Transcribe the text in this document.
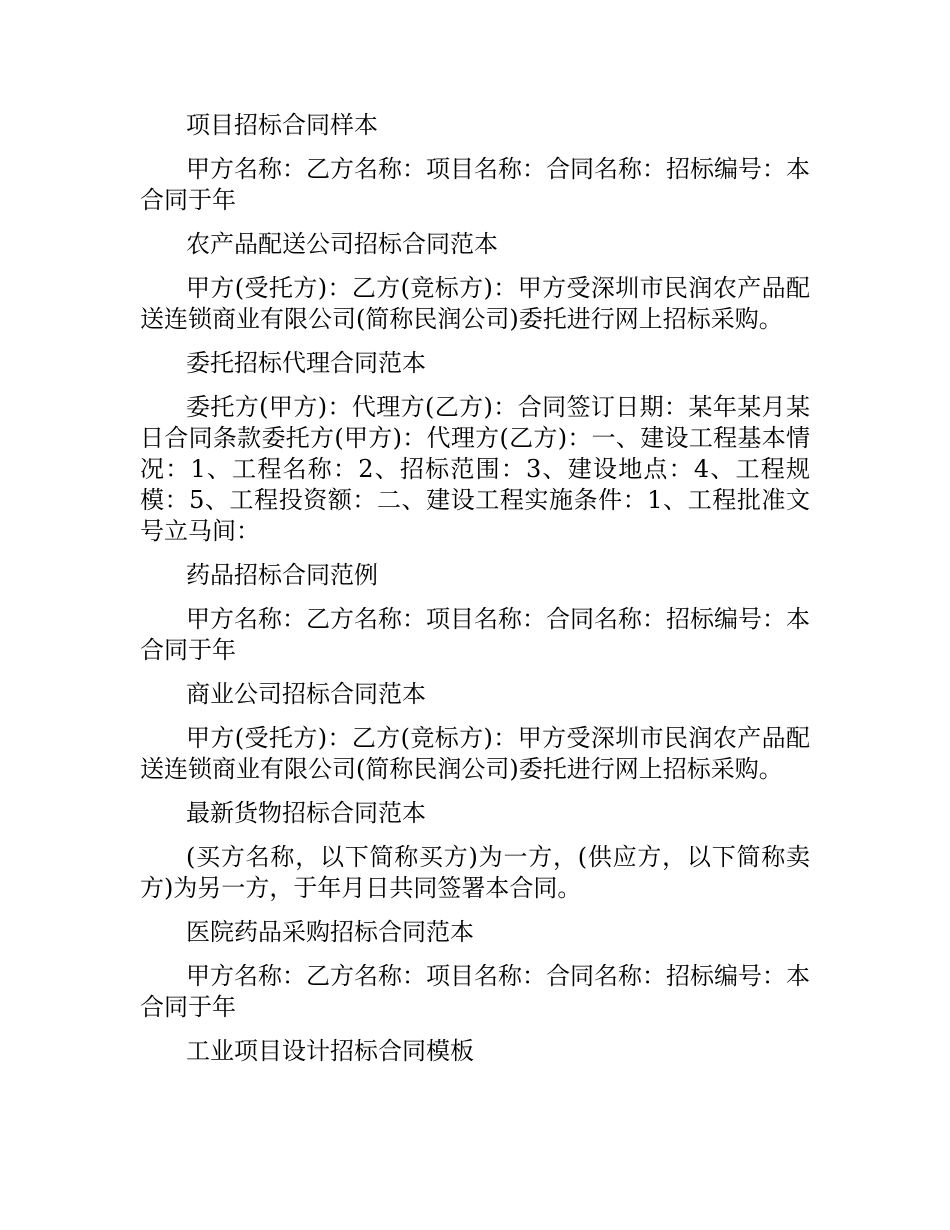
项目招标合同样本

甲方名称：乙方名称：项目名称：合同名称：招标编号：本合同于年

农产品配送公司招标合同范本

甲方(受托方)：乙方(竞标方)：甲方受深圳市民润农产品配送连锁商业有限公司(简称民润公司)委托进行网上招标采购。

委托招标代理合同范本

委托方(甲方)：代理方(乙方)：合同签订日期：某年某月某日合同条款委托方(甲方)：代理方(乙方)：一、建设工程基本情况：1、工程名称：2、招标范围：3、建设地点：4、工程规模：5、工程投资额：二、建设工程实施条件：1、工程批准文号立马间：

药品招标合同范例

甲方名称：乙方名称：项目名称：合同名称：招标编号：本合同于年

商业公司招标合同范本

甲方(受托方)：乙方(竞标方)：甲方受深圳市民润农产品配送连锁商业有限公司(简称民润公司)委托进行网上招标采购。

最新货物招标合同范本

(买方名称，以下简称买方)为一方，(供应方，以下简称卖方)为另一方，于年月日共同签署本合同。

医院药品采购招标合同范本

甲方名称：乙方名称：项目名称：合同名称：招标编号：本合同于年

工业项目设计招标合同模板
